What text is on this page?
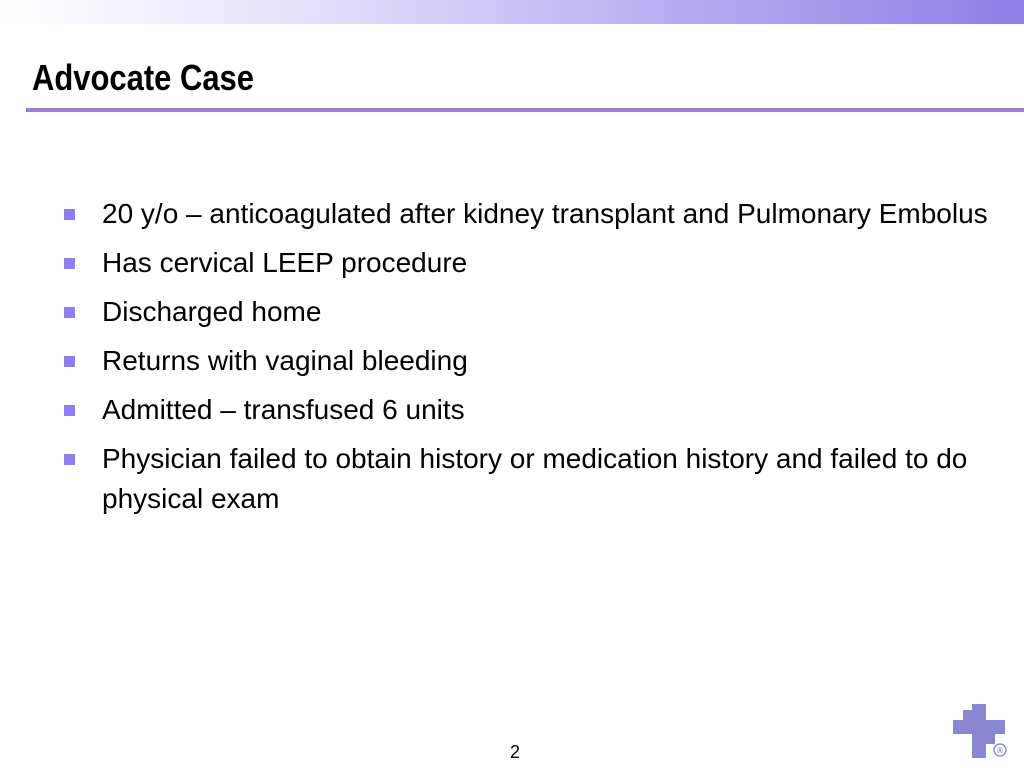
Advocate Case
20 y/o – anticoagulated after kidney transplant and Pulmonary Embolus
Has cervical LEEP procedure
Discharged home
Returns with vaginal bleeding
Admitted – transfused 6 units
Physician failed to obtain history or medication history and failed to do physical exam
2	®
